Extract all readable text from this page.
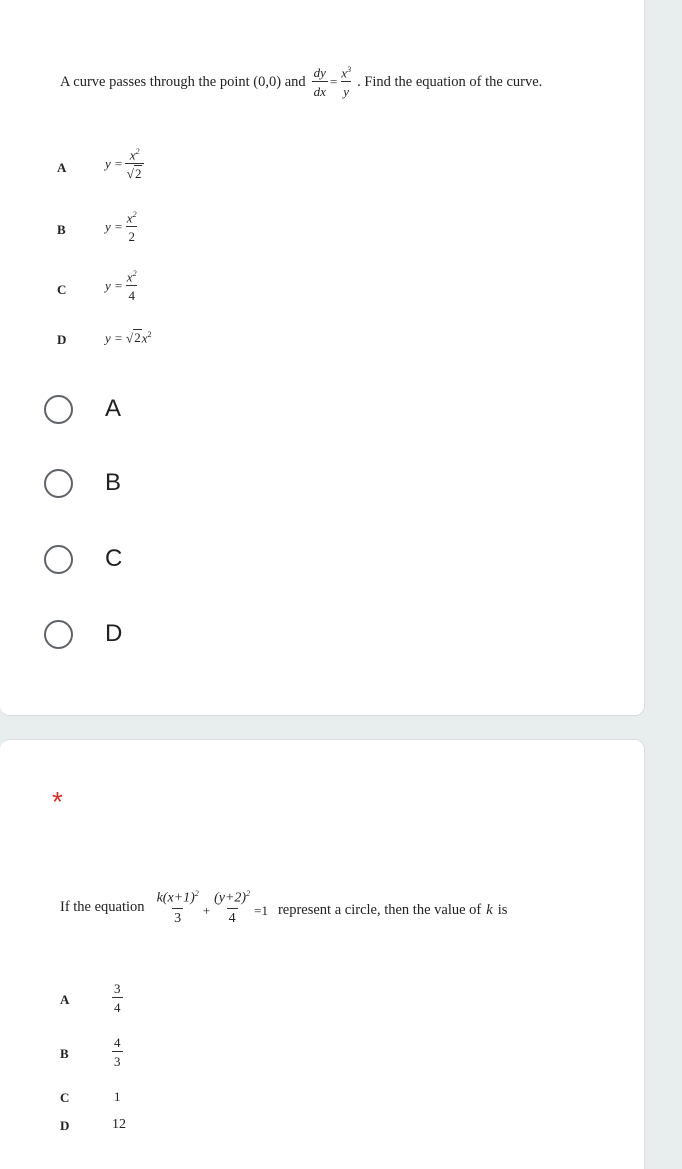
A curve passes through the point (0,0) and $\frac{dy}{dx} = \frac{x^3}{y}$ . Find the equation of the curve.
A	$y = \frac{x^2}{√2}$
B	$y = \frac{x^2}{2}$
C	$y = \frac{x^2}{4}$
D	$y = √2x^2$
A
B
C
D
*
If the equation $\frac{k(x+1)^2}{3} + \frac{(y+2)^2}{4} =1$ represent a circle, then the value of k is
A	$\frac{3}{4}$
B	$\frac{4}{3}$
C	1
D	12
